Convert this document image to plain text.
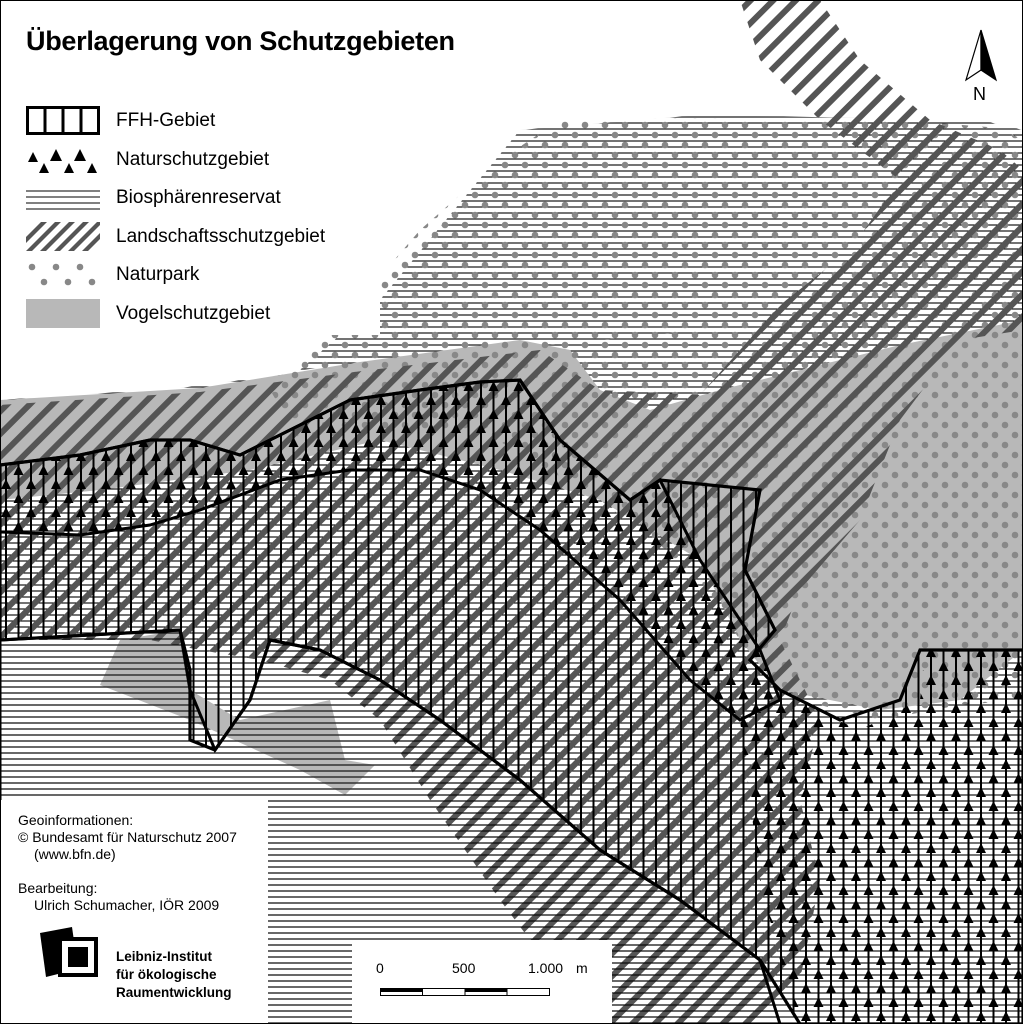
Überlagerung von Schutzgebieten
FFH-Gebiet
Naturschutzgebiet
Biosphärenreservat
Landschaftsschutzgebiet
Naturpark
Vogelschutzgebiet
Geoinformationen:
© Bundesamt für Naturschutz 2007
(www.bfn.de)
Bearbeitung:
Ulrich Schumacher, IÖR 2009
Leibniz-Institut
für ökologische
Raumentwicklung
0	500	1.000 m
N
